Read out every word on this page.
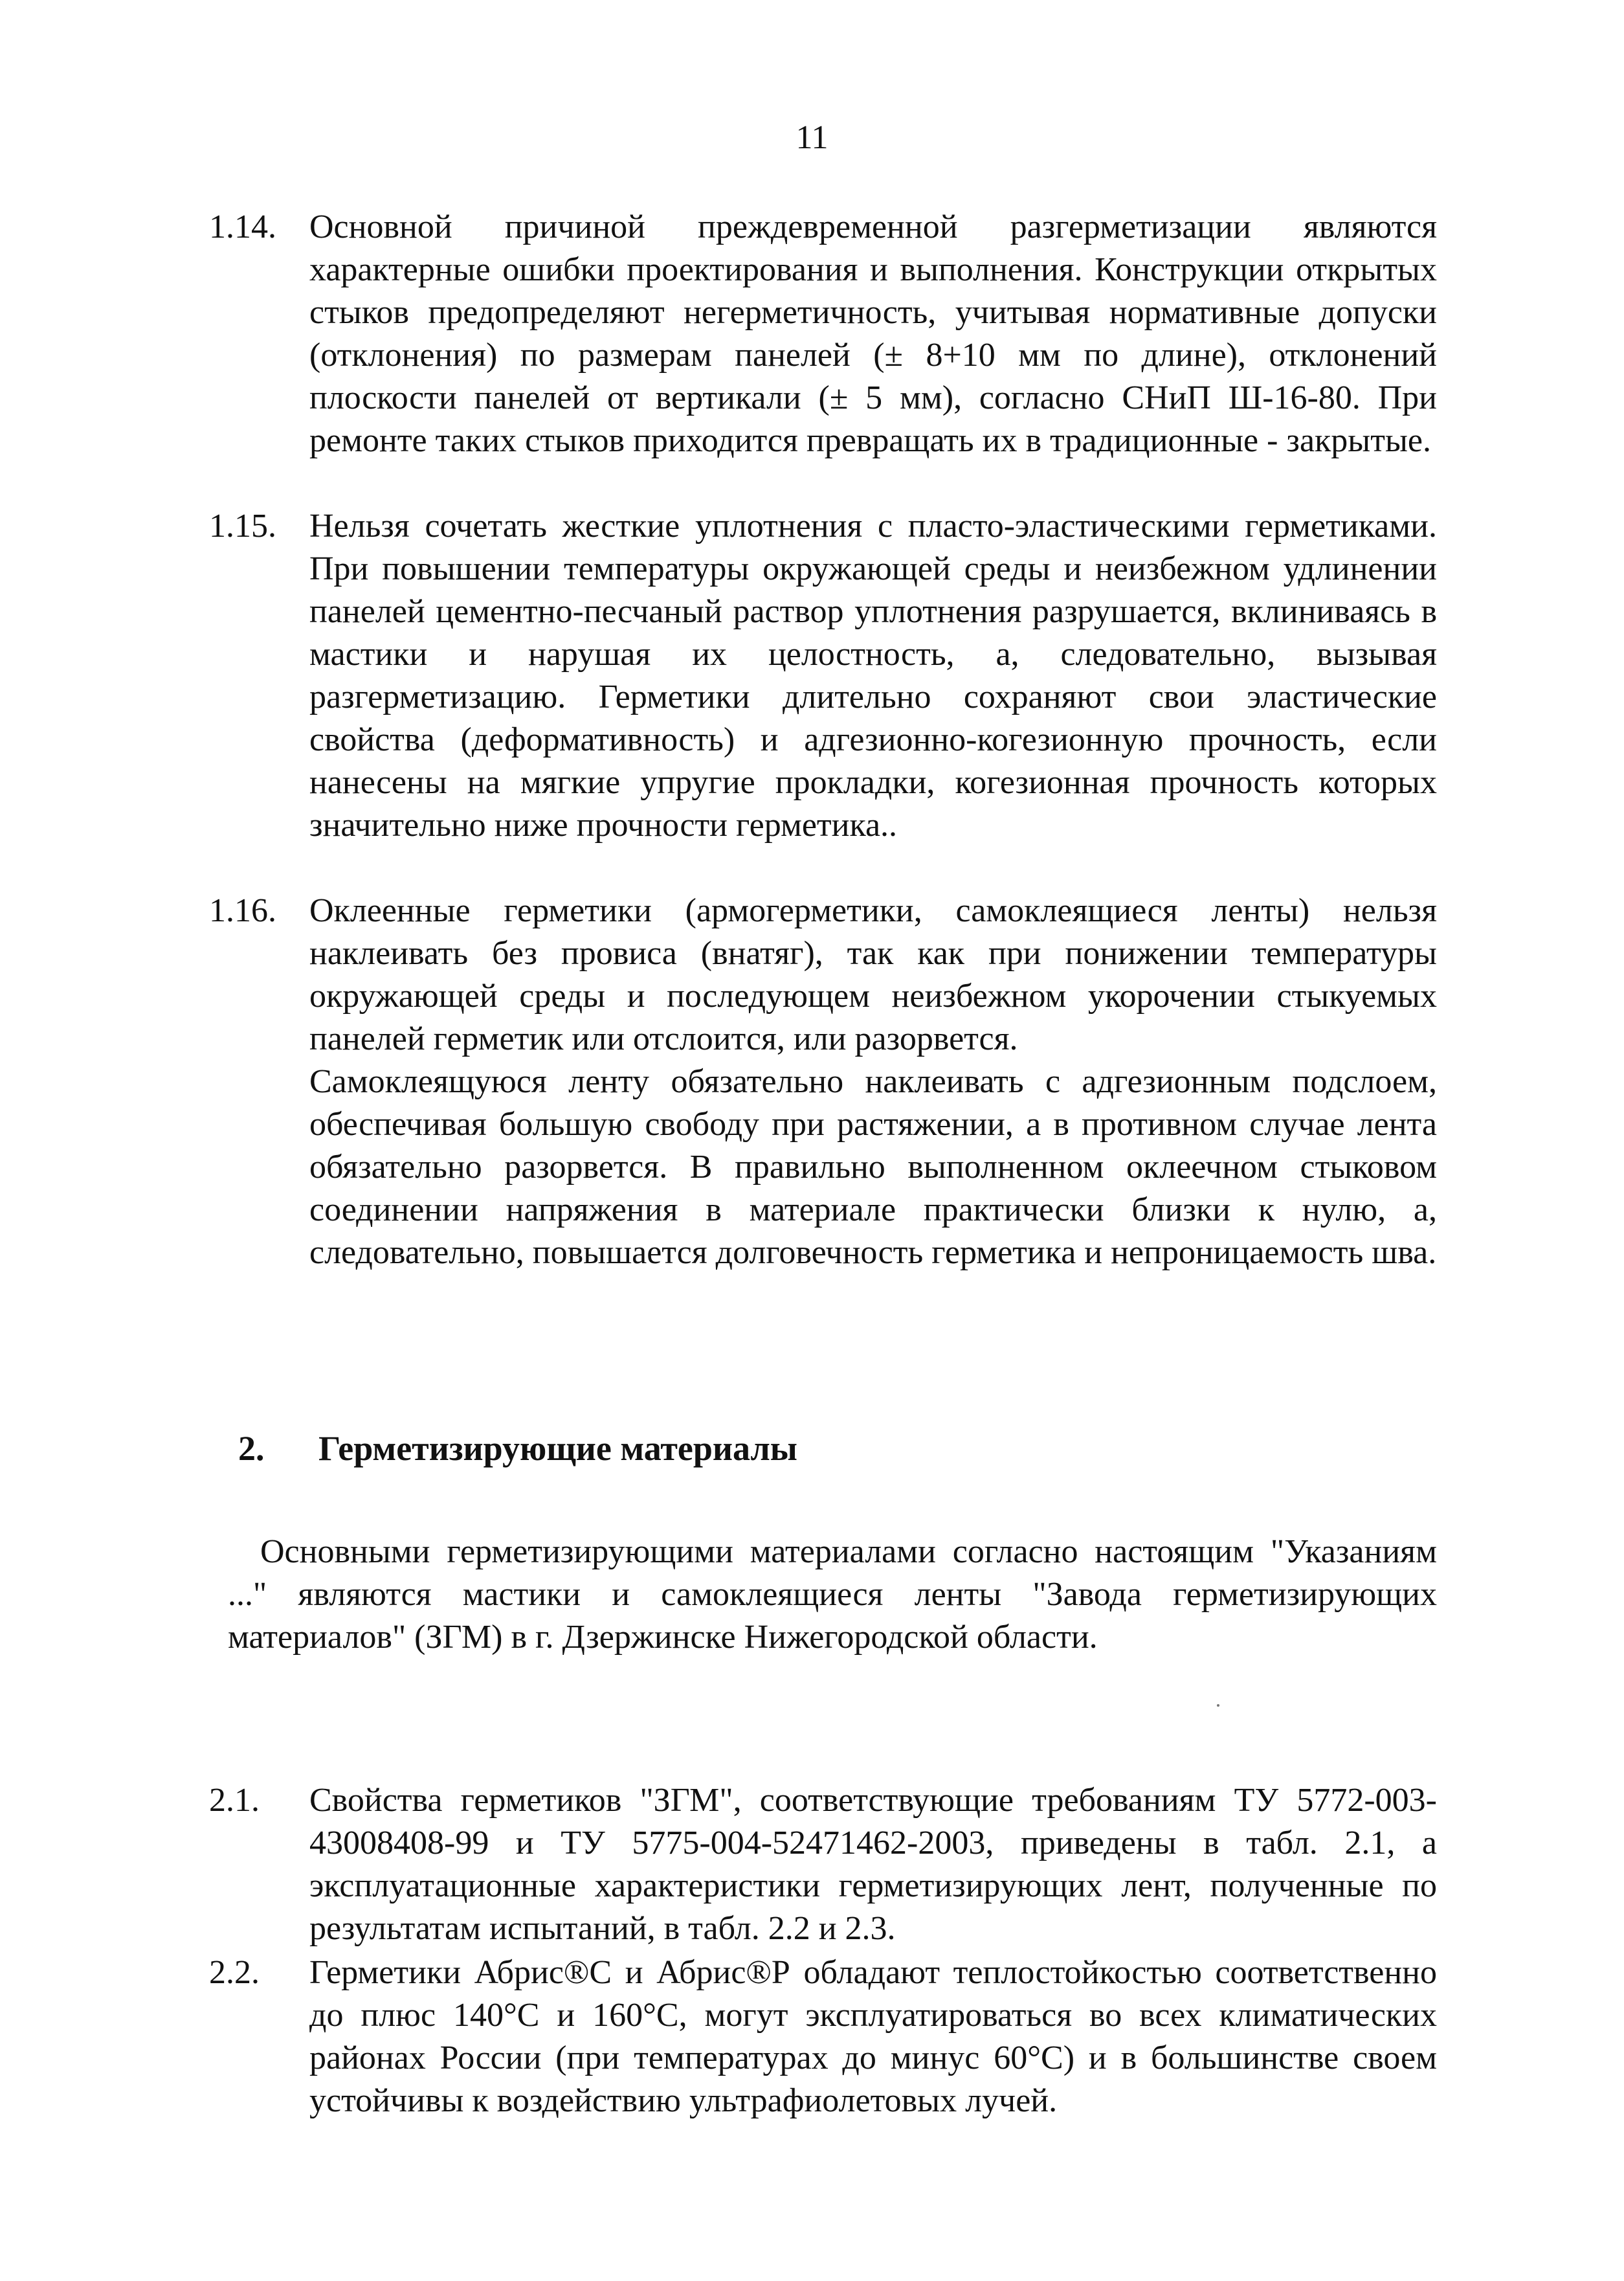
11
1.14. Основной причиной преждевременной разгерметизации являются характерные ошибки проектирования и выполнения. Конструкции открытых стыков предопределяют негерметичность, учитывая нормативные допуски (отклонения) по размерам панелей (± 8+10 мм по длине), отклонений плоскости панелей от вертикали (± 5 мм), согласно СНиП Ш-16-80. При ремонте таких стыков приходится превращать их в традиционные - закрытые.

1.15. Нельзя сочетать жесткие уплотнения с пласто-эластическими герметиками. При повышении температуры окружающей среды и неизбежном удлинении панелей цементно-песчаный раствор уплотнения разрушается, вклиниваясь в мастики и нарушая их целостность, а, следовательно, вызывая разгерметизацию. Герметики длительно сохраняют свои эластические свойства (деформативность) и адгезионно-когезионную прочность, если нанесены на мягкие упругие прокладки, когезионная прочность которых значительно ниже прочности герметика..

1.16. Оклеенные герметики (армогерметики, самоклеящиеся ленты) нельзя наклеивать без провиса (внатяг), так как при понижении температуры окружающей среды и последующем неизбежном укорочении стыкуемых панелей герметик или отслоится, или разорвется.

Самоклеящуюся ленту обязательно наклеивать с адгезионным подслоем, обеспечивая большую свободу при растяжении, а в противном случае лента обязательно разорвется. В правильно выполненном оклеечном стыковом соединении напряжения в материале практически близки к нулю, а, следовательно, повышается долговечность герметика и непроницаемость шва.

2. Герметизирующие материалы

Основными герметизирующими материалами согласно настоящим "Указаниям ..." являются мастики и самоклеящиеся ленты "Завода герметизирующих материалов" (ЗГМ) в г. Дзержинске Нижегородской области.

2.1. Свойства герметиков "ЗГМ", соответствующие требованиям ТУ 5772-003-43008408-99 и ТУ 5775-004-52471462-2003, приведены в табл. 2.1, а эксплуатационные характеристики герметизирующих лент, полученные по результатам испытаний, в табл. 2.2 и 2.3.

2.2. Герметики Абрис®С и Абрис®Р обладают теплостойкостью соответственно до плюс 140°С и 160°С, могут эксплуатироваться во всех климатических районах России (при температурах до минус 60°С) и в большинстве своем устойчивы к воздействию ультрафиолетовых лучей.
